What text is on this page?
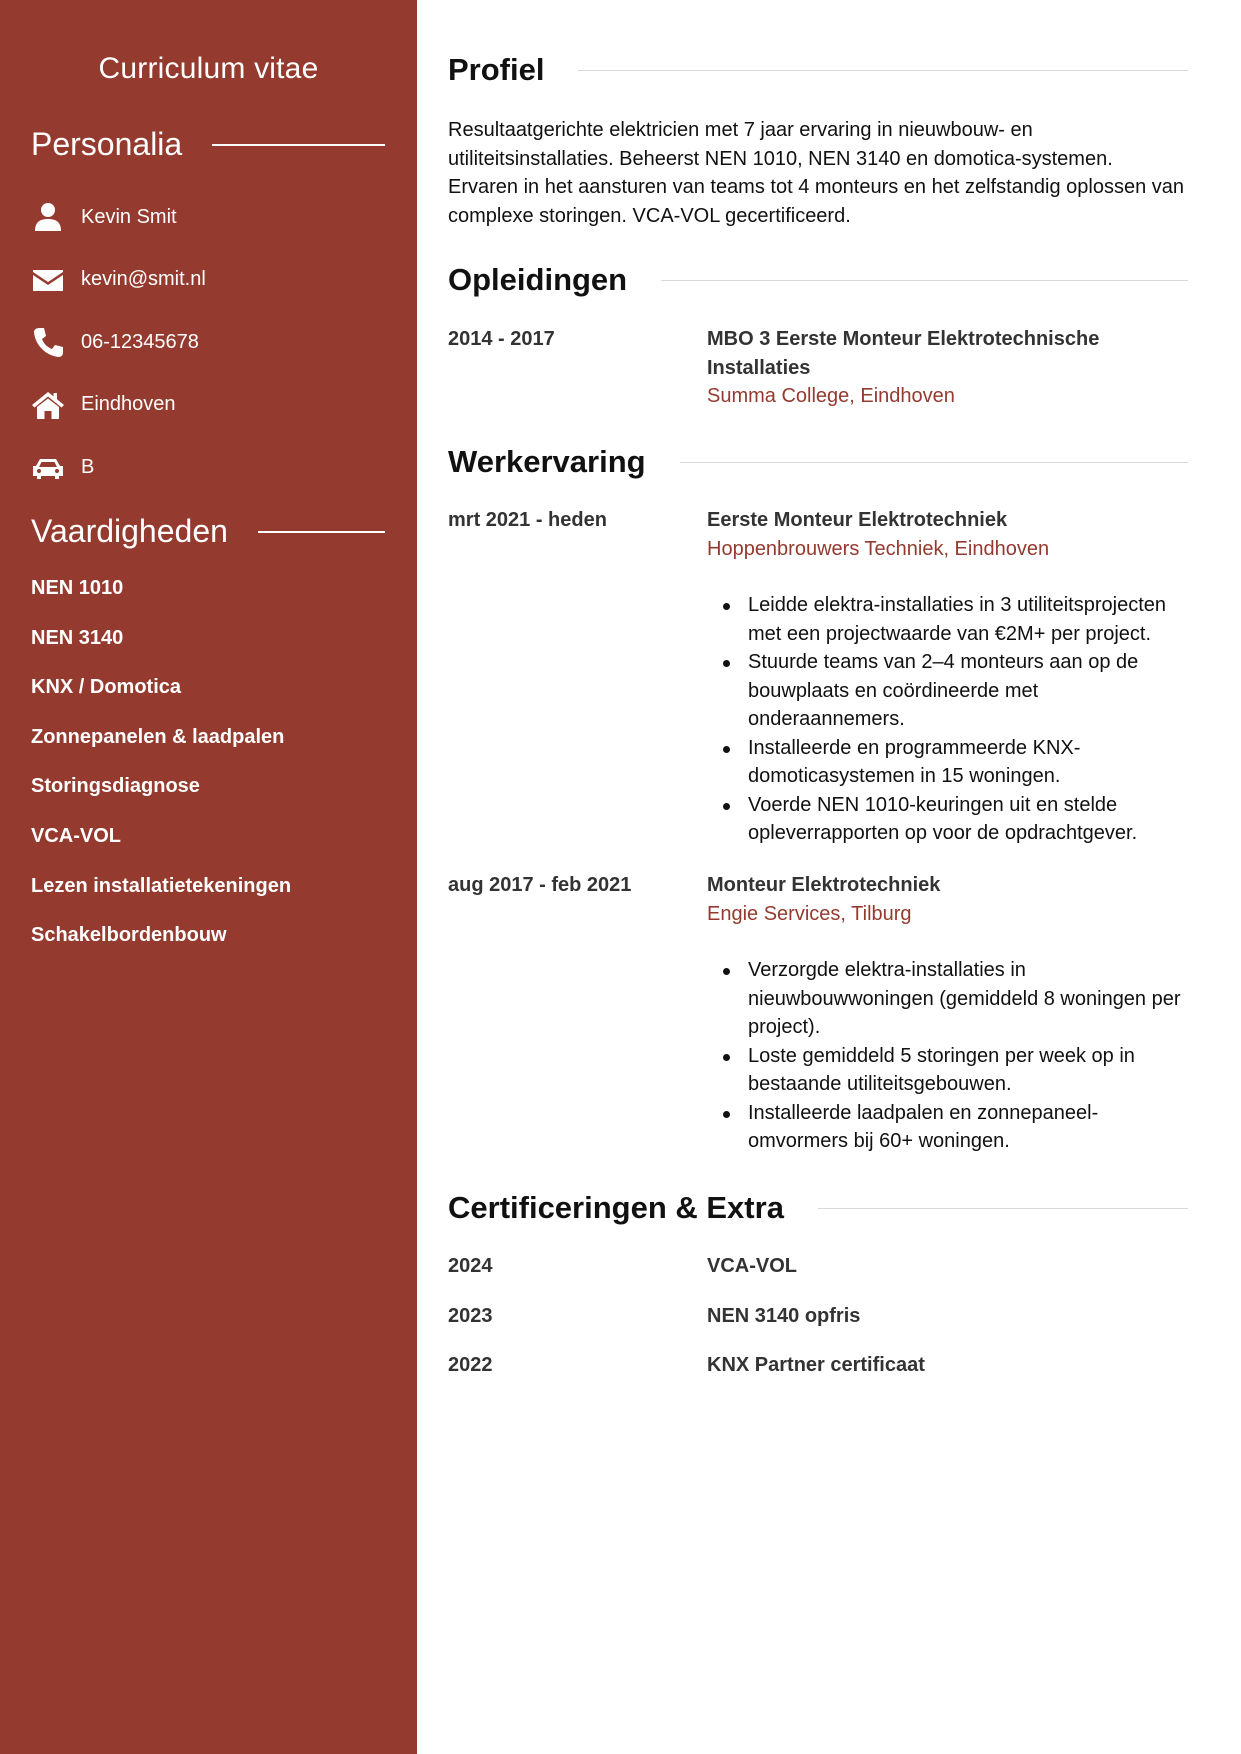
Curriculum vitae
Personalia
Kevin Smit
kevin@smit.nl
06-12345678
Eindhoven
B
Vaardigheden
NEN 1010
NEN 3140
KNX / Domotica
Zonnepanelen & laadpalen
Storingsdiagnose
VCA-VOL
Lezen installatietekeningen
Schakelbordenbouw
Profiel
Resultaatgerichte elektricien met 7 jaar ervaring in nieuwbouw- en utiliteitsinstallaties. Beheerst NEN 1010, NEN 3140 en domotica-systemen. Ervaren in het aansturen van teams tot 4 monteurs en het zelfstandig oplossen van complexe storingen. VCA-VOL gecertificeerd.
Opleidingen
2014 - 2017	MBO 3 Eerste Monteur Elektrotechnische Installaties
Summa College, Eindhoven
Werkervaring
mrt 2021 - heden	Eerste Monteur Elektrotechniek
Hoppenbrouwers Techniek, Eindhoven
Leidde elektra-installaties in 3 utiliteitsprojecten met een projectwaarde van €2M+ per project.
Stuurde teams van 2–4 monteurs aan op de bouwplaats en coördineerde met onderaannemers.
Installeerde en programmeerde KNX-domoticasystemen in 15 woningen.
Voerde NEN 1010-keuringen uit en stelde opleverrapporten op voor de opdrachtgever.
aug 2017 - feb 2021	Monteur Elektrotechniek
Engie Services, Tilburg
Verzorgde elektra-installaties in nieuwbouwwoningen (gemiddeld 8 woningen per project).
Loste gemiddeld 5 storingen per week op in bestaande utiliteitsgebouwen.
Installeerde laadpalen en zonnepaneel-omvormers bij 60+ woningen.
Certificeringen & Extra
2024	VCA-VOL
2023	NEN 3140 opfris
2022	KNX Partner certificaat
